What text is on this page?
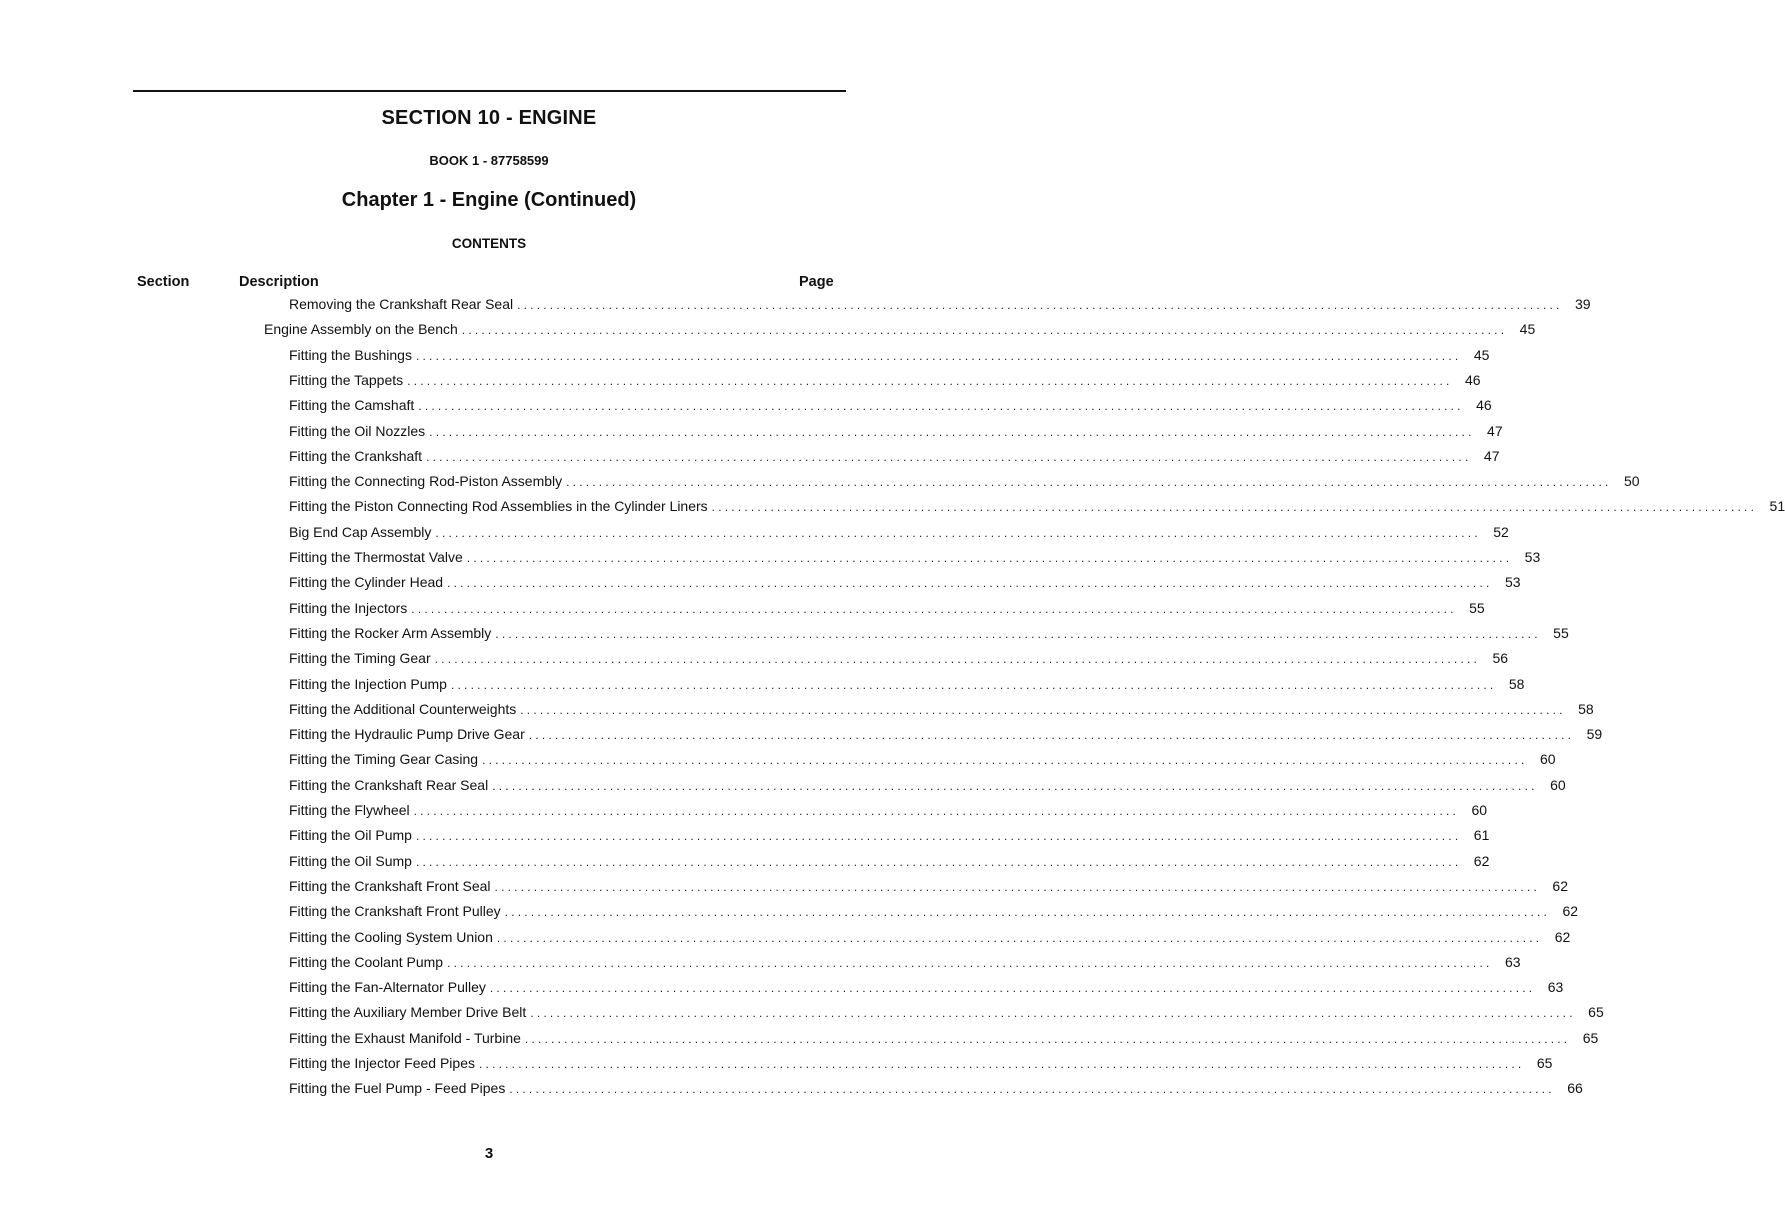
SECTION 10 - ENGINE
BOOK 1 - 87758599
Chapter 1 - Engine (Continued)
CONTENTS
Section	Description	Page
Removing the Crankshaft Rear Seal ................................................................................................................................................................ 39
Engine Assembly on the Bench ................................................................................................................................................................ 45
Fitting the Bushings ................................................................................................................................................................ 45
Fitting the Tappets ................................................................................................................................................................ 46
Fitting the Camshaft ................................................................................................................................................................ 46
Fitting the Oil Nozzles ................................................................................................................................................................ 47
Fitting the Crankshaft ................................................................................................................................................................ 47
Fitting the Connecting Rod-Piston Assembly ................................................................................................................................................................ 50
Fitting the Piston Connecting Rod Assemblies in the Cylinder Liners ................................................................................................................................................................ 51
Big End Cap Assembly ................................................................................................................................................................ 52
Fitting the Thermostat Valve ................................................................................................................................................................ 53
Fitting the Cylinder Head ................................................................................................................................................................ 53
Fitting the Injectors ................................................................................................................................................................ 55
Fitting the Rocker Arm Assembly ................................................................................................................................................................ 55
Fitting the Timing Gear ................................................................................................................................................................ 56
Fitting the Injection Pump ................................................................................................................................................................ 58
Fitting the Additional Counterweights ................................................................................................................................................................ 58
Fitting the Hydraulic Pump Drive Gear ................................................................................................................................................................ 59
Fitting the Timing Gear Casing ................................................................................................................................................................ 60
Fitting the Crankshaft Rear Seal ................................................................................................................................................................ 60
Fitting the Flywheel ................................................................................................................................................................ 60
Fitting the Oil Pump ................................................................................................................................................................ 61
Fitting the Oil Sump ................................................................................................................................................................ 62
Fitting the Crankshaft Front Seal ................................................................................................................................................................ 62
Fitting the Crankshaft Front Pulley ................................................................................................................................................................ 62
Fitting the Cooling System Union ................................................................................................................................................................ 62
Fitting the Coolant Pump ................................................................................................................................................................ 63
Fitting the Fan-Alternator Pulley ................................................................................................................................................................ 63
Fitting the Auxiliary Member Drive Belt ................................................................................................................................................................ 65
Fitting the Exhaust Manifold - Turbine ................................................................................................................................................................ 65
Fitting the Injector Feed Pipes ................................................................................................................................................................ 65
Fitting the Fuel Pump - Feed Pipes ................................................................................................................................................................ 66
3
